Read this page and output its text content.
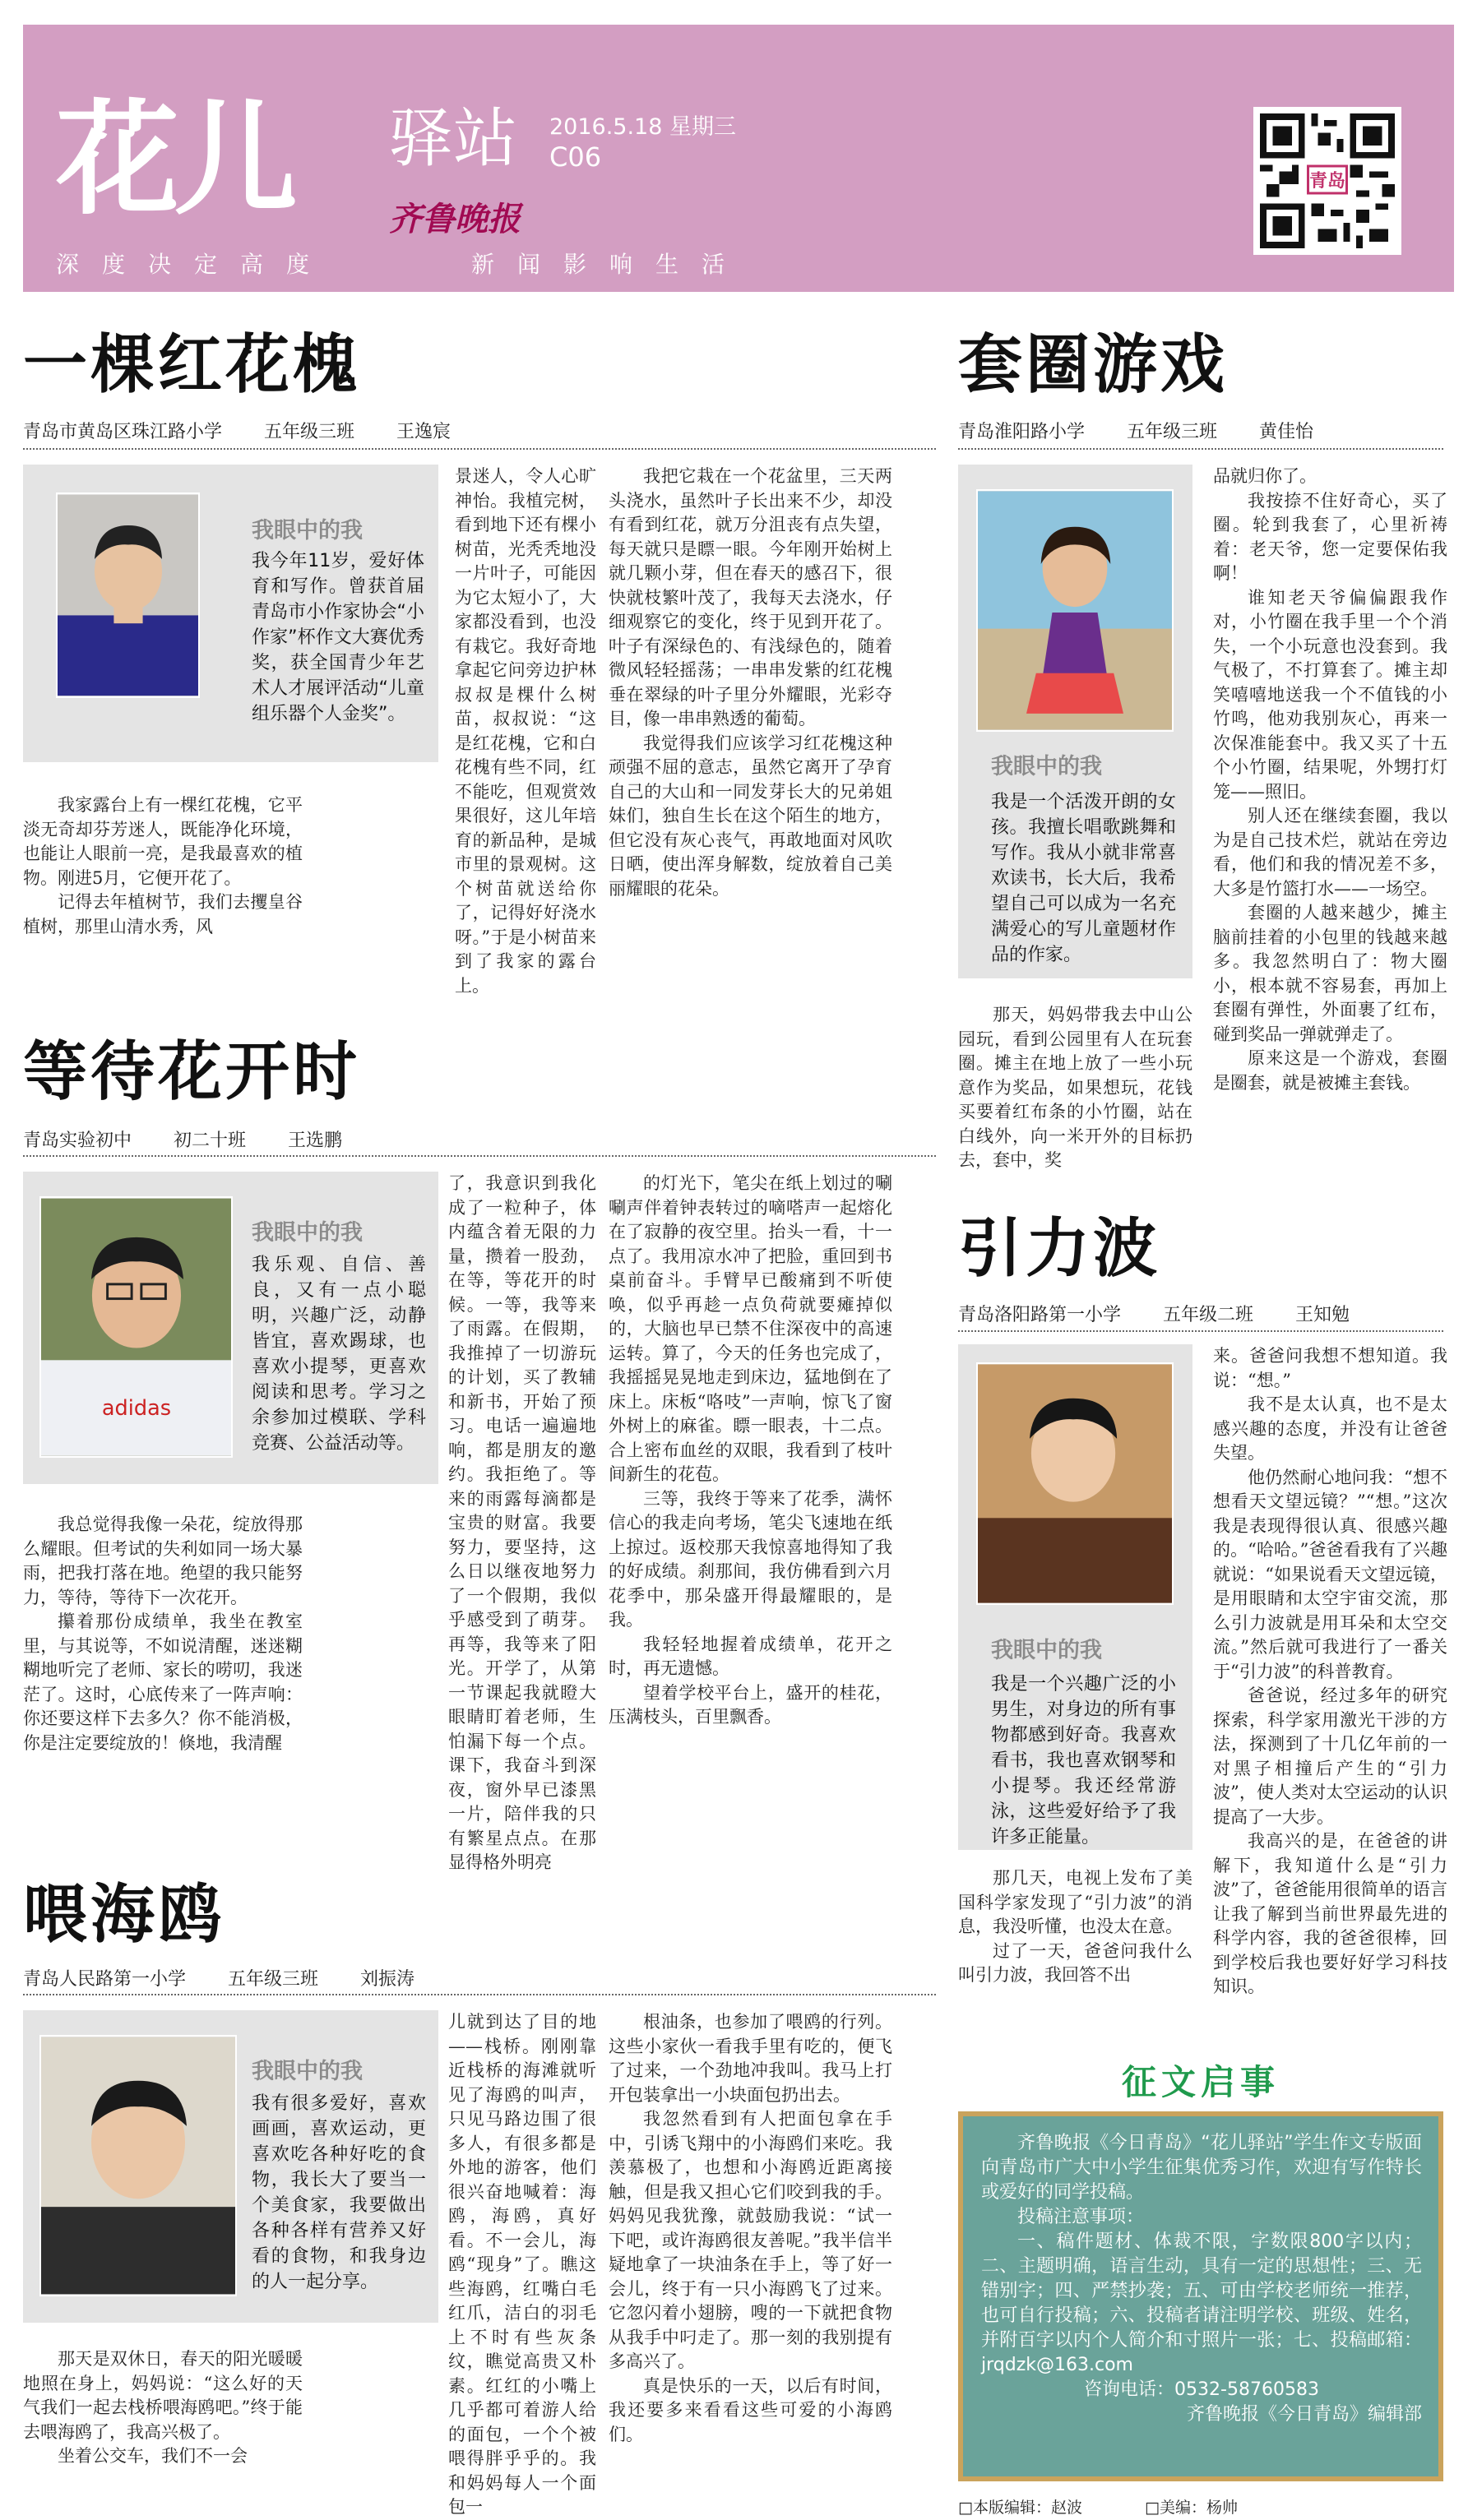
花儿 驿站
齐鲁晚报
2016.5.18 星期三
C06
深度决定高度	新闻影响生活
青岛
一棵红花槐
青岛市黄岛区珠江路小学 五年级三班 王逸宸
我眼中的我
我今年11岁，爱好体育和写作。曾获首届青岛市小作家协会“小作家”杯作文大赛优秀奖，获全国青少年艺术人才展评活动“儿童组乐器个人金奖”。

我家露台上有一棵红花槐，它平淡无奇却芬芳迷人，既能净化环境，也能让人眼前一亮，是我最喜欢的植物。刚进5月，它便开花了。

记得去年植树节，我们去攫皇谷植树，那里山清水秀，风

景迷人，令人心旷神怡。我植完树，看到地下还有棵小树苗，光秃秃地没一片叶子，可能因为它太短小了，大家都没看到，也没有栽它。我好奇地拿起它问旁边护林叔叔是棵什么树苗，叔叔说：“这是红花槐，它和白花槐有些不同，红不能吃，但观赏效果很好，这儿年培育的新品种，是城市里的景观树。这个树苗就送给你了，记得好好浇水呀。”于是小树苗来到了我家的露台上。

我把它栽在一个花盆里，三天两头浇水，虽然叶子长出来不少，却没有看到红花，就万分沮丧有点失望，每天就只是瞟一眼。今年刚开始树上就几颗小芽，但在春天的感召下，很快就枝繁叶茂了，我每天去浇水，仔细观察它的变化，终于见到开花了。叶子有深绿色的、有浅绿色的，随着微风轻轻摇荡；一串串发紫的红花槐垂在翠绿的叶子里分外耀眼，光彩夺目，像一串串熟透的葡萄。

我觉得我们应该学习红花槐这种顽强不屈的意志，虽然它离开了孕育自己的大山和一同发芽长大的兄弟姐妹们，独自生长在这个陌生的地方，但它没有灰心丧气，再敢地面对风吹日晒，使出浑身解数，绽放着自己美丽耀眼的花朵。

等待花开时
青岛实验初中 初二十班 王选鹏
adidas
我眼中的我
我乐观、自信、善良，又有一点小聪明，兴趣广泛，动静皆宜，喜欢踢球，也喜欢小提琴，更喜欢阅读和思考。学习之余参加过模联、学科竞赛、公益活动等。

我总觉得我像一朵花，绽放得那么耀眼。但考试的失利如同一场大暴雨，把我打落在地。绝望的我只能努力，等待，等待下一次花开。

攥着那份成绩单，我坐在教室里，与其说等，不如说清醒，迷迷糊糊地听完了老师、家长的唠叨，我迷茫了。这时，心底传来了一阵声响：你还要这样下去多久？你不能消极，你是注定要绽放的！倏地，我清醒

了，我意识到我化成了一粒种子，体内蕴含着无限的力量，攒着一股劲，在等，等花开的时候。一等，我等来了雨露。在假期，我推掉了一切游玩的计划，买了教辅和新书，开始了预习。电话一遍遍地响，都是朋友的邀约。我拒绝了。等来的雨露每滴都是宝贵的财富。我要努力，要坚持，这么日以继夜地努力了一个假期，我似乎感受到了萌芽。再等，我等来了阳光。开学了，从第一节课起我就瞪大眼睛盯着老师，生怕漏下每一个点。课下，我奋斗到深夜，窗外早已漆黑一片，陪伴我的只有繁星点点。在那显得格外明亮

的灯光下，笔尖在纸上划过的唰唰声伴着钟表转过的嘀嗒声一起熔化在了寂静的夜空里。抬头一看，十一点了。我用凉水冲了把脸，重回到书桌前奋斗。手臂早已酸痛到不听使唤，似乎再趁一点负荷就要瘫掉似的，大脑也早已禁不住深夜中的高速运转。算了，今天的任务也完成了，我摇摇晃晃地走到床边，猛地倒在了床上。床板“咯吱”一声响，惊飞了窗外树上的麻雀。瞟一眼表，十二点。合上密布血丝的双眼，我看到了枝叶间新生的花苞。

三等，我终于等来了花季，满怀信心的我走向考场，笔尖飞速地在纸上掠过。返校那天我惊喜地得知了我的好成绩。刹那间，我仿佛看到六月花季中，那朵盛开得最耀眼的，是我。

我轻轻地握着成绩单，花开之时，再无遗憾。

望着学校平台上，盛开的桂花，压满枝头，百里飘香。

喂海鸥
青岛人民路第一小学 五年级三班 刘振涛
我眼中的我
我有很多爱好，喜欢画画，喜欢运动，更喜欢吃各种好吃的食物，我长大了要当一个美食家，我要做出各种各样有营养又好看的食物，和我身边的人一起分享。

那天是双休日，春天的阳光暖暖地照在身上，妈妈说：“这么好的天气我们一起去栈桥喂海鸥吧。”终于能去喂海鸥了，我高兴极了。

坐着公交车，我们不一会

儿就到达了目的地——栈桥。刚刚靠近栈桥的海滩就听见了海鸥的叫声，只见马路边围了很多人，有很多都是外地的游客，他们很兴奋地喊着：海鸥，海鸥，真好看。不一会儿，海鸥“现身”了。瞧这些海鸥，红嘴白毛红爪，洁白的羽毛上不时有些灰条纹，瞧觉高贵又朴素。红红的小嘴上几乎都可着游人给的面包，一个个被喂得胖乎乎的。我和妈妈每人一个面包一

根油条，也参加了喂鸥的行列。这些小家伙一看我手里有吃的，便飞了过来，一个劲地冲我叫。我马上打开包装拿出一小块面包扔出去。

我忽然看到有人把面包拿在手中，引诱飞翔中的小海鸥们来吃。我羡慕极了，也想和小海鸥近距离接触，但是我又担心它们咬到我的手。妈妈见我犹豫，就鼓励我说：“试一下吧，或许海鸥很友善呢。”我半信半疑地拿了一块油条在手上，等了好一会儿，终于有一只小海鸥飞了过来。它忽闪着小翅膀，嗖的一下就把食物从我手中叼走了。那一刻的我别提有多高兴了。

真是快乐的一天，以后有时间，我还要多来看看这些可爱的小海鸥们。

套圈游戏
青岛淮阳路小学 五年级三班 黄佳怡
我眼中的我
我是一个活泼开朗的女孩。我擅长唱歌跳舞和写作。我从小就非常喜欢读书，长大后，我希望自己可以成为一名充满爱心的写儿童题材作品的作家。

那天，妈妈带我去中山公园玩，看到公园里有人在玩套圈。摊主在地上放了一些小玩意作为奖品，如果想玩，花钱买要着红布条的小竹圈，站在白线外，向一米开外的目标扔去，套中，奖

品就归你了。

我按捺不住好奇心，买了圈。轮到我套了，心里祈祷着：老天爷，您一定要保佑我啊！

谁知老天爷偏偏跟我作对，小竹圈在我手里一个个消失，一个小玩意也没套到。我气极了，不打算套了。摊主却笑嘻嘻地送我一个不值钱的小竹鸣，他劝我别灰心，再来一次保准能套中。我又买了十五个小竹圈，结果呢，外甥打灯笼——照旧。

别人还在继续套圈，我以为是自己技术烂，就站在旁边看，他们和我的情况差不多，大多是竹篮打水——一场空。

套圈的人越来越少，摊主脑前挂着的小包里的钱越来越多。我忽然明白了：物大圈小，根本就不容易套，再加上套圈有弹性，外面裹了红布，碰到奖品一弹就弹走了。

原来这是一个游戏，套圈是圈套，就是被摊主套钱。

引力波
青岛洛阳路第一小学 五年级二班 王知勉
我眼中的我
我是一个兴趣广泛的小男生，对身边的所有事物都感到好奇。我喜欢看书，我也喜欢钢琴和小提琴。我还经常游泳，这些爱好给予了我许多正能量。

那几天，电视上发布了美国科学家发现了“引力波”的消息，我没听懂，也没太在意。

过了一天，爸爸问我什么叫引力波，我回答不出

来。爸爸问我想不想知道。我说：“想。”

我不是太认真，也不是太感兴趣的态度，并没有让爸爸失望。

他仍然耐心地问我：“想不想看天文望远镜？”“想。”这次我是表现得很认真、很感兴趣的。“哈哈。”爸爸看我有了兴趣就说：“如果说看天文望远镜，是用眼睛和太空宇宙交流，那么引力波就是用耳朵和太空交流。”然后就可我进行了一番关于“引力波”的科普教育。

爸爸说，经过多年的研究探索，科学家用激光干涉的方法，探测到了十几亿年前的一对黑子相撞后产生的“引力波”，使人类对太空运动的认识提高了一大步。

我高兴的是，在爸爸的讲解下，我知道什么是“引力波”了，爸爸能用很简单的语言让我了解到当前世界最先进的科学内容，我的爸爸很棒，回到学校后我也要好好学习科技知识。

征文启事

齐鲁晚报《今日青岛》“花儿驿站”学生作文专版面向青岛市广大中小学生征集优秀习作，欢迎有写作特长或爱好的同学投稿。

投稿注意事项：

一、稿件题材、体裁不限，字数限800字以内；二、主题明确，语言生动，具有一定的思想性；三、无错别字；四、严禁抄袭；五、可由学校老师统一推荐，也可自行投稿；六、投稿者请注明学校、班级、姓名，并附百字以内个人简介和寸照片一张；七、投稿邮箱：jrqdzk@163.com

咨询电话：0532-58760583

齐鲁晚报《今日青岛》编辑部

□本版编辑：赵波	□美编：杨帅
